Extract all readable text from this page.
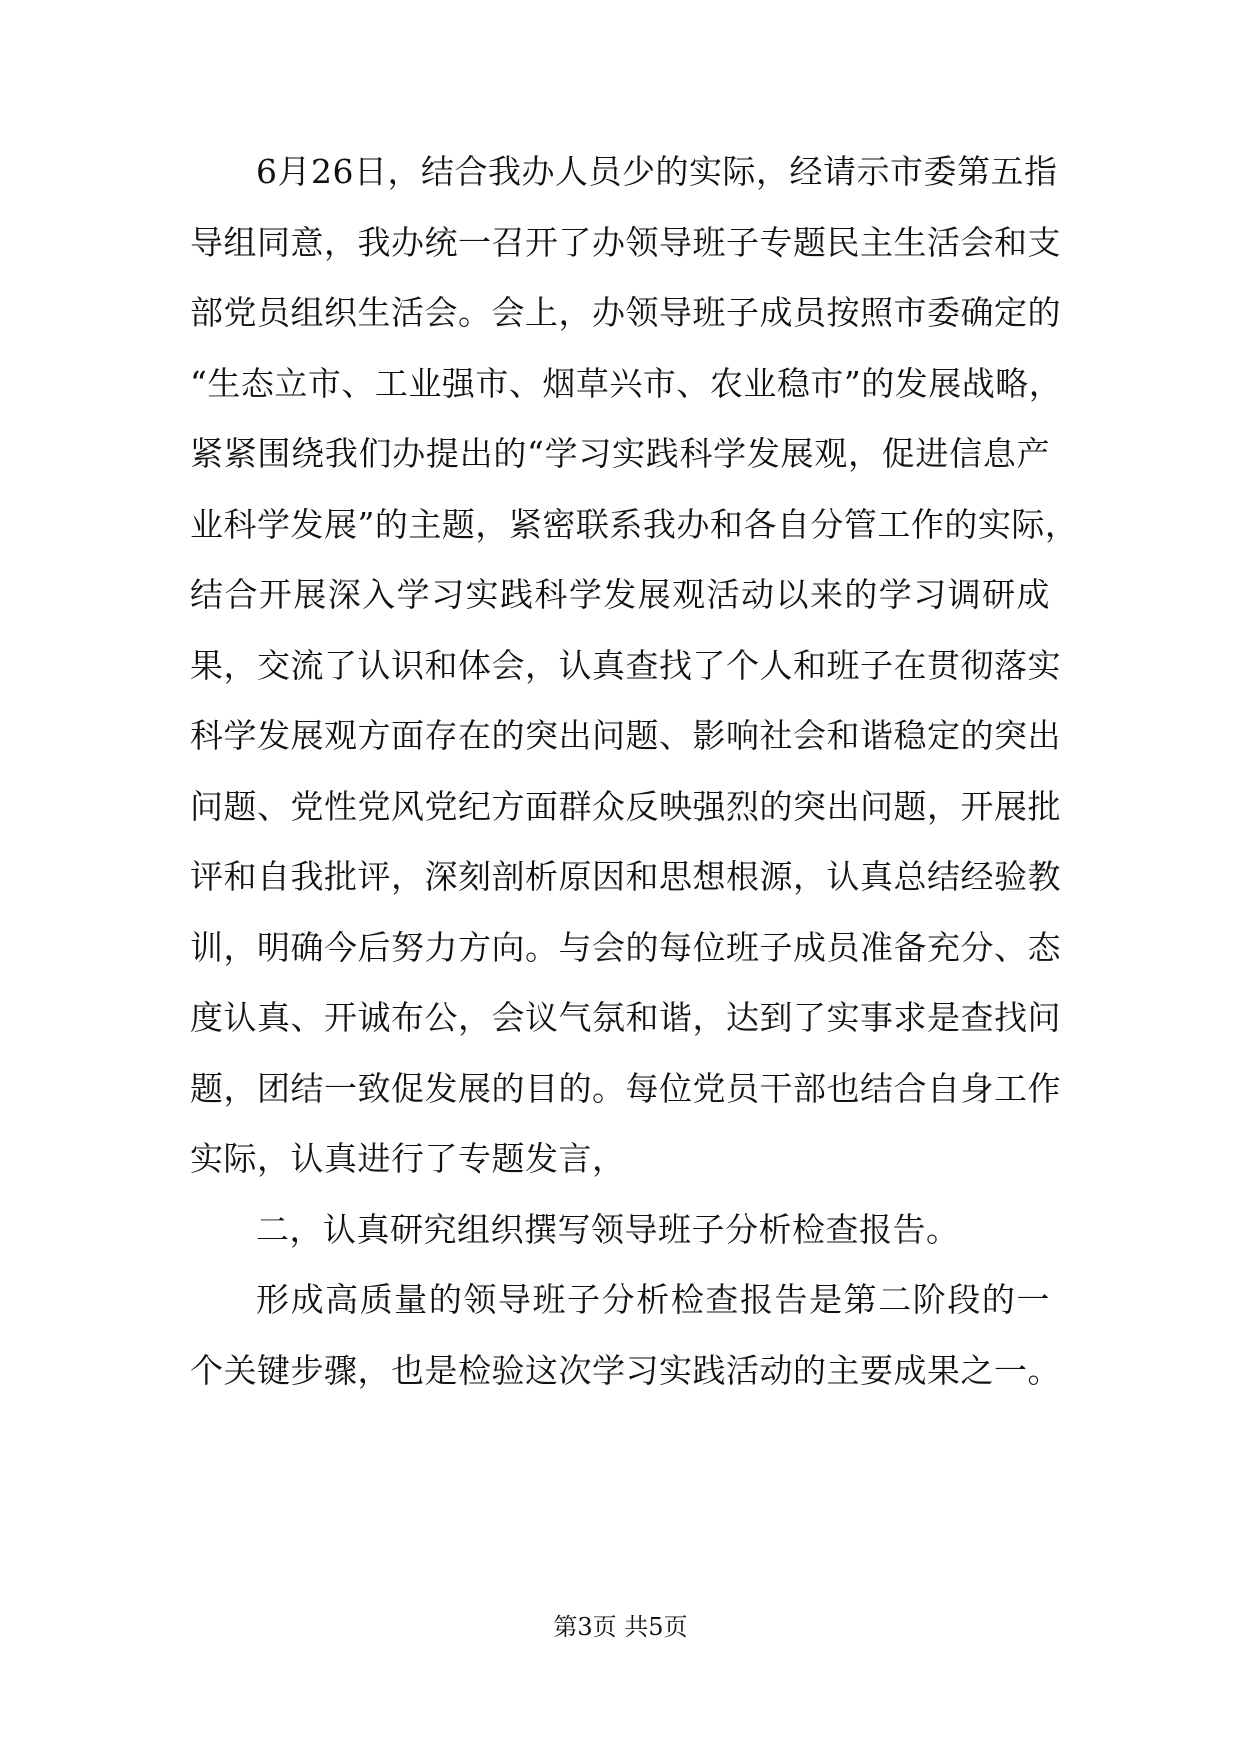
6月26日，结合我办人员少的实际，经请示市委第五指
导组同意，我办统一召开了办领导班子专题民主生活会和支
部党员组织生活会。会上，办领导班子成员按照市委确定的
“生态立市、工业强市、烟草兴市、农业稳市”的发展战略，
紧紧围绕我们办提出的“学习实践科学发展观，促进信息产
业科学发展”的主题，紧密联系我办和各自分管工作的实际，
结合开展深入学习实践科学发展观活动以来的学习调研成
果，交流了认识和体会，认真查找了个人和班子在贯彻落实
科学发展观方面存在的突出问题、影响社会和谐稳定的突出
问题、党性党风党纪方面群众反映强烈的突出问题，开展批
评和自我批评，深刻剖析原因和思想根源，认真总结经验教
训，明确今后努力方向。与会的每位班子成员准备充分、态
度认真、开诚布公，会议气氛和谐，达到了实事求是查找问
题，团结一致促发展的目的。每位党员干部也结合自身工作
实际，认真进行了专题发言，
二，认真研究组织撰写领导班子分析检查报告。
形成高质量的领导班子分析检查报告是第二阶段的一
个关键步骤，也是检验这次学习实践活动的主要成果之一。
第3页 共5页
